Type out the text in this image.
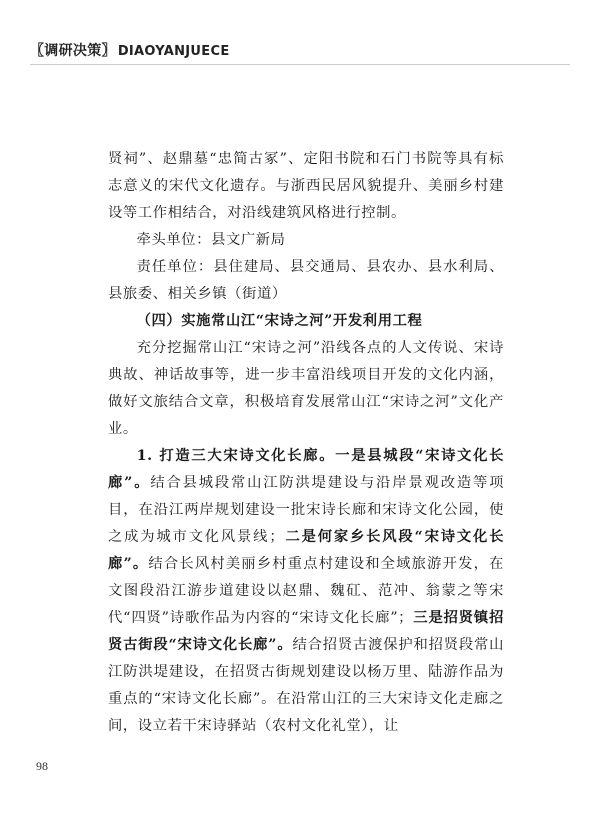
〖调研决策〗 DIAOYANJUECE

贤祠”、赵鼎墓“忠简古冢”、定阳书院和石门书院等具有标志意义的宋代文化遗存。与浙西民居风貌提升、美丽乡村建设等工作相结合，对沿线建筑风格进行控制。

牵头单位：县文广新局

责任单位：县住建局、县交通局、县农办、县水利局、县旅委、相关乡镇（街道）

（四）实施常山江“宋诗之河”开发利用工程

充分挖掘常山江“宋诗之河”沿线各点的人文传说、宋诗典故、神话故事等，进一步丰富沿线项目开发的文化内涵，做好文旅结合文章，积极培育发展常山江“宋诗之河”文化产业。

1. 打造三大宋诗文化长廊。一是县城段“宋诗文化长廊”。结合县城段常山江防洪堤建设与沿岸景观改造等项目，在沿江两岸规划建设一批宋诗长廊和宋诗文化公园，使之成为城市文化风景线；二是何家乡长风段“宋诗文化长廊”。结合长风村美丽乡村重点村建设和全域旅游开发，在文图段沿江游步道建设以赵鼎、魏矼、范冲、翁蒙之等宋代“四贤”诗歌作品为内容的“宋诗文化长廊”；三是招贤镇招贤古街段“宋诗文化长廊”。结合招贤古渡保护和招贤段常山江防洪堤建设，在招贤古街规划建设以杨万里、陆游作品为重点的“宋诗文化长廊”。在沿常山江的三大宋诗文化走廊之间，设立若干宋诗驿站（农村文化礼堂），让

98
